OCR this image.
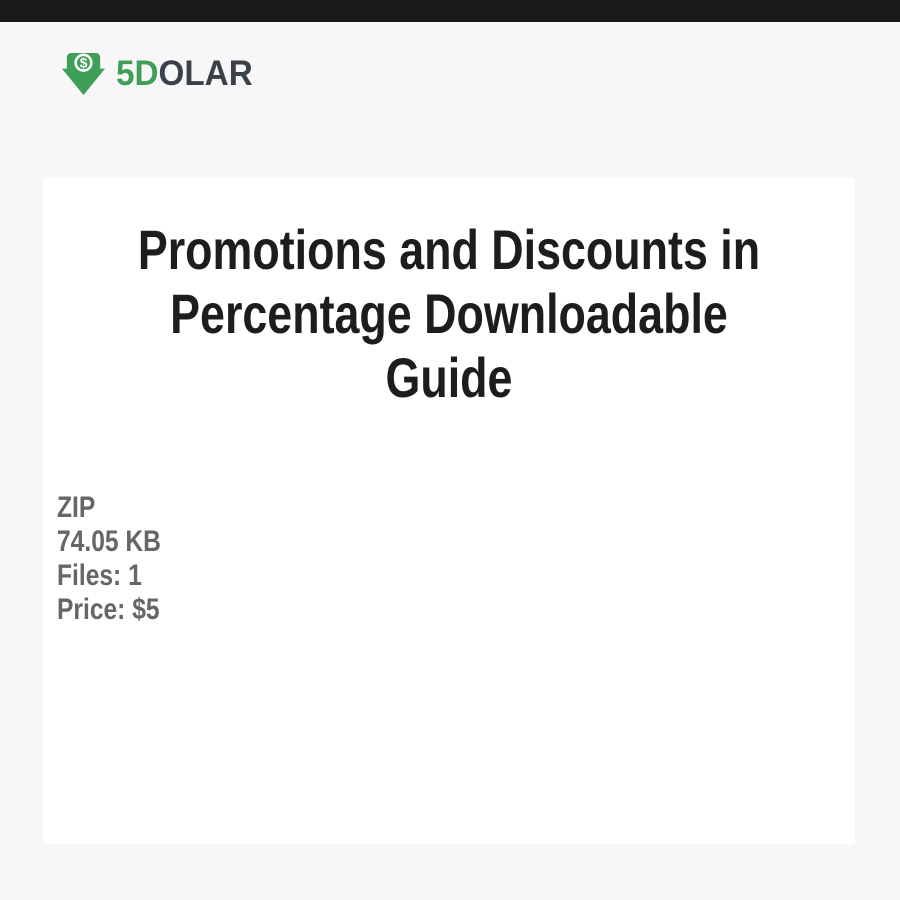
$ 5D OLAR
Promotions and Discounts in
Percentage Downloadable Guide
ZIP
74.05 KB
Files: 1
Price: $5
